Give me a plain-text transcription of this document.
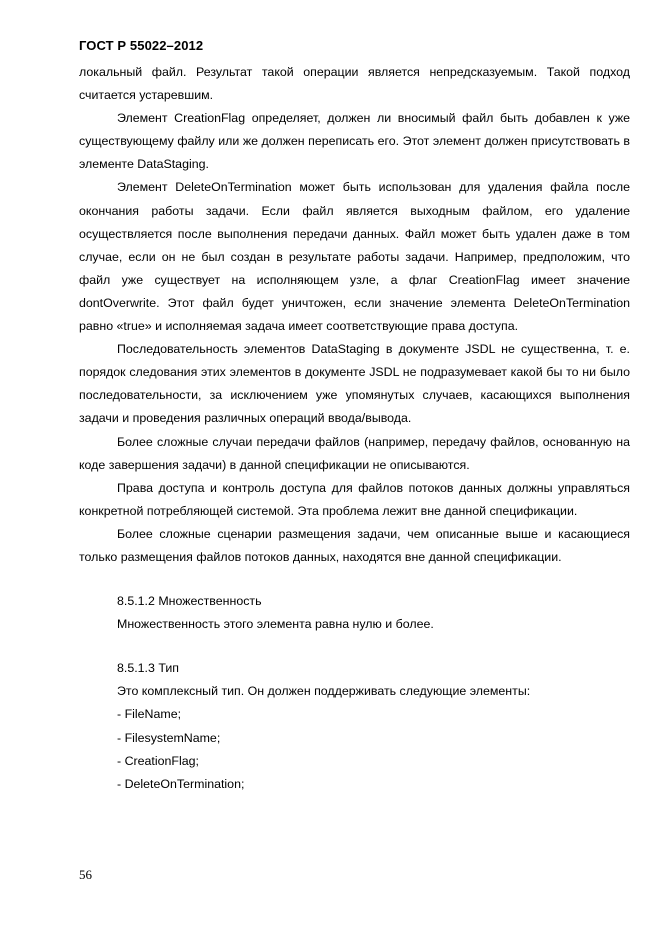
ГОСТ Р 55022–2012

локальный файл. Результат такой операции является непредсказуемым. Такой подход считается устаревшим.

Элемент CreationFlag определяет, должен ли вносимый файл быть добавлен к уже существующему файлу или же должен переписать его. Этот элемент должен присутствовать в элементе DataStaging.

Элемент DeleteOnTermination может быть использован для удаления файла после окончания работы задачи. Если файл является выходным файлом, его удаление осуществляется после выполнения передачи данных. Файл может быть удален даже в том случае, если он не был создан в результате работы задачи. Например, предположим, что файл уже существует на исполняющем узле, а флаг CreationFlag имеет значение dontOverwrite. Этот файл будет уничтожен, если значение элемента DeleteOnTermination равно «true» и исполняемая задача имеет соответствующие права доступа.

Последовательность элементов DataStaging в документе JSDL не существенна, т. е. порядок следования этих элементов в документе JSDL не подразумевает какой бы то ни было последовательности, за исключением уже упомянутых случаев, касающихся выполнения задачи и проведения различных операций ввода/вывода.

Более сложные случаи передачи файлов (например, передачу файлов, основанную на коде завершения задачи) в данной спецификации не описываются.

Права доступа и контроль доступа для файлов потоков данных должны управляться конкретной потребляющей системой. Эта проблема лежит вне данной спецификации.

Более сложные сценарии размещения задачи, чем описанные выше и касающиеся только размещения файлов потоков данных, находятся вне данной спецификации.

8.5.1.2 Множественность

Множественность этого элемента равна нулю и более.

8.5.1.3 Тип

Это комплексный тип. Он должен поддерживать следующие элементы:

- FileName;

- FilesystemName;

- CreationFlag;

- DeleteOnTermination;

56
